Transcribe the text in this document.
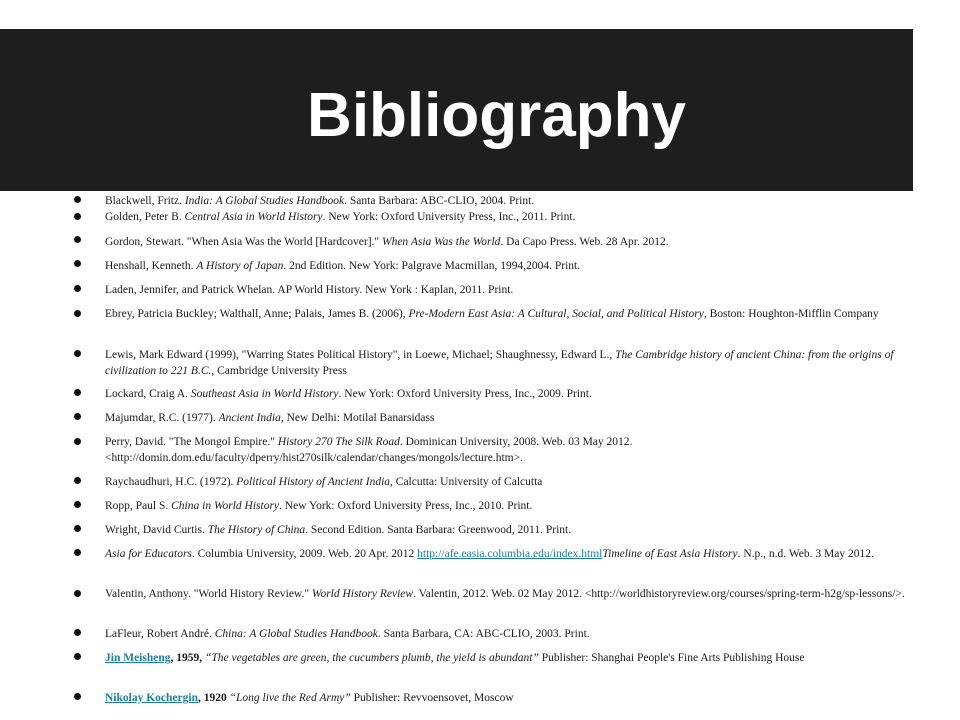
Bibliography

Blackwell, Fritz. India: A Global Studies Handbook. Santa Barbara: ABC-CLIO, 2004. Print.

Golden, Peter B. Central Asia in World History. New York: Oxford University Press, Inc., 2011. Print.

Gordon, Stewart. "When Asia Was the World [Hardcover]." When Asia Was the World. Da Capo Press. Web. 28 Apr. 2012.

Henshall, Kenneth. A History of Japan. 2nd Edition. New York: Palgrave Macmillan, 1994,2004. Print.

Laden, Jennifer, and Patrick Whelan. AP World History. New York : Kaplan, 2011. Print.

Ebrey, Patricia Buckley; Walthall, Anne; Palais, James B. (2006), Pre-Modern East Asia: A Cultural, Social, and Political History, Boston: Houghton-Mifflin Company

Lewis, Mark Edward (1999), "Warring States Political History", in Loewe, Michael; Shaughnessy, Edward L., The Cambridge history of ancient China: from the origins of civilization to 221 B.C., Cambridge University Press

Lockard, Craig A. Southeast Asia in World History. New York: Oxford University Press, Inc., 2009. Print.

Majumdar, R.C. (1977). Ancient India, New Delhi: Motilal Banarsidass

Perry, David. "The Mongol Empire." History 270 The Silk Road. Dominican University, 2008. Web. 03 May 2012. <http://domin.dom.edu/faculty/dperry/hist270silk/calendar/changes/mongols/lecture.htm>.

Raychaudhuri, H.C. (1972). Political History of Ancient India, Calcutta: University of Calcutta

Ropp, Paul S. China in World History. New York: Oxford University Press, Inc., 2010. Print.

Wright, David Curtis. The History of China. Second Edition. Santa Barbara: Greenwood, 2011. Print.

Asia for Educators. Columbia University, 2009. Web. 20 Apr. 2012 http://afe.easia.columbia.edu/index.htmlTimeline of East Asia History. N.p., n.d. Web. 3 May 2012.

Valentin, Anthony. "World History Review." World History Review. Valentin, 2012. Web. 02 May 2012. <http://worldhistoryreview.org/courses/spring-term-h2g/sp-lessons/>.

LaFleur, Robert André. China: A Global Studies Handbook. Santa Barbara, CA: ABC-CLIO, 2003. Print.

Jin Meisheng, 1959, “The vegetables are green, the cucumbers plumb, the yield is abundant” Publisher: Shanghai People's Fine Arts Publishing House

Nikolay Kochergin, 1920 “Long live the Red Army” Publisher: Revvoensovet, Moscow
